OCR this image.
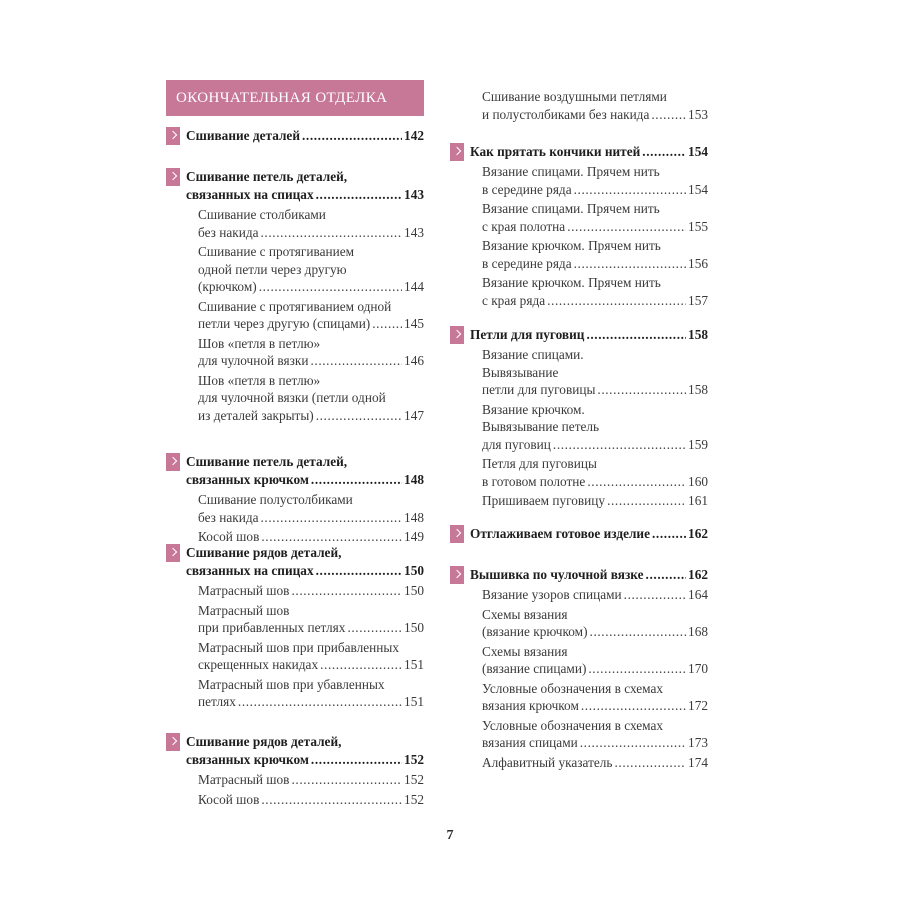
ОКОНЧАТЕЛЬНАЯ ОТДЕЛКА
Сшивание деталей .....	142
Сшивание петель деталей,
связанных на спицах .....	143
Сшивание столбиками
без накида .....	143
Сшивание с протягиванием
одной петли через другую
(крючком) .....	144
Сшивание с протягиванием одной
петли через другую (спицами) .....	145
Шов «петля в петлю»
для чулочной вязки .....	146
Шов «петля в петлю»
для чулочной вязки (петли одной
из деталей закрыты) .....	147
Сшивание петель деталей,
связанных крючком .....	148
Сшивание полустолбиками
без накида .....	148
Косой шов .....	149
Сшивание рядов деталей,
связанных на спицах .....	150
Матрасный шов .....	150
Матрасный шов
при прибавленных петлях .....	150
Матрасный шов при прибавленных
скрещенных накидах .....	151
Матрасный шов при убавленных
петлях .....	151
Сшивание рядов деталей,
связанных крючком .....	152
Матрасный шов .....	152
Косой шов .....	152
Сшивание воздушными петлями
и полустолбиками без накида .....	153
Как прятать кончики нитей .....	154
Вязание спицами. Прячем нить
в середине ряда .....	154
Вязание спицами. Прячем нить
с края полотна .....	155
Вязание крючком. Прячем нить
в середине ряда .....	156
Вязание крючком. Прячем нить
с края ряда .....	157
Петли для пуговиц .....	158
Вязание спицами.
Вывязывание
петли для пуговицы .....	158
Вязание крючком.
Вывязывание петель
для пуговиц .....	159
Петля для пуговицы
в готовом полотне .....	160
Пришиваем пуговицу .....	161
Отглаживаем готовое изделие .....	162
Вышивка по чулочной вязке .....	162
Вязание узоров спицами .....	164
Схемы вязания
(вязание крючком) .....	168
Схемы вязания
(вязание спицами) .....	170
Условные обозначения в схемах
вязания крючком .....	172
Условные обозначения в схемах
вязания спицами .....	173
Алфавитный указатель .....	174
7
